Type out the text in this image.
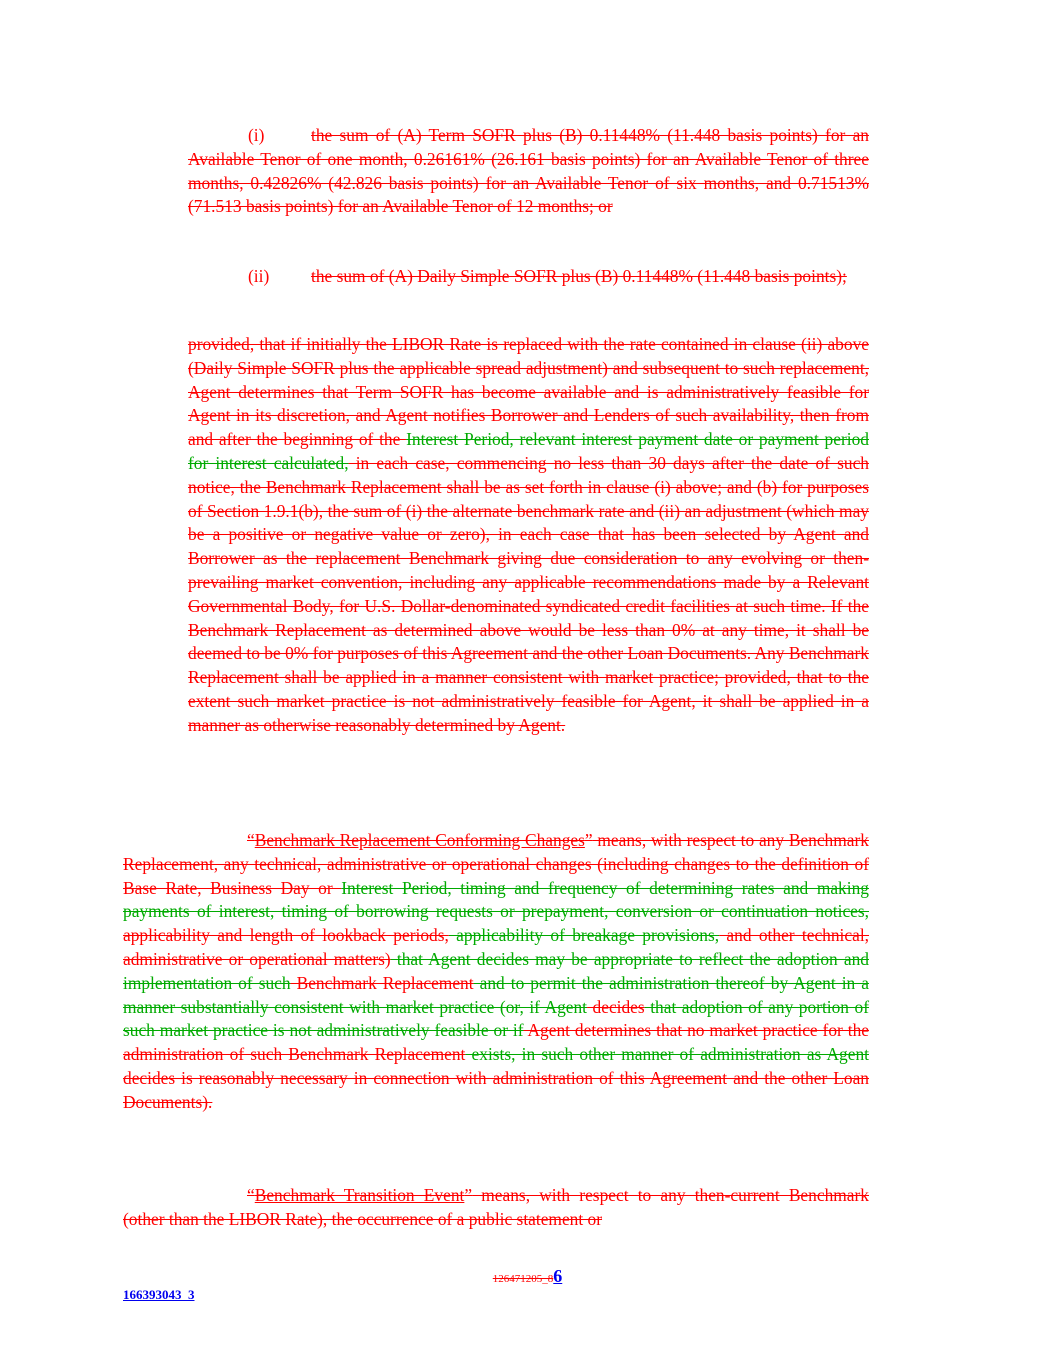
(i)	the sum of (A) Term SOFR plus (B) 0.11448% (11.448 basis points) for an Available Tenor of one month, 0.26161% (26.161 basis points) for an Available Tenor of three months, 0.42826% (42.826 basis points) for an Available Tenor of six months, and 0.71513% (71.513 basis points) for an Available Tenor of 12 months; or
(ii) the sum of (A) Daily Simple SOFR plus (B) 0.11448% (11.448 basis points);
provided, that if initially the LIBOR Rate is replaced with the rate contained in clause (ii) above (Daily Simple SOFR plus the applicable spread adjustment) and subsequent to such replacement, Agent determines that Term SOFR has become available and is administratively feasible for Agent in its discretion, and Agent notifies Borrower and Lenders of such availability, then from and after the beginning of the Interest Period, relevant interest payment date or payment period for interest calculated, in each case, commencing no less than 30 days after the date of such notice, the Benchmark Replacement shall be as set forth in clause (i) above; and (b) for purposes of Section 1.9.1(b), the sum of (i) the alternate benchmark rate and (ii) an adjustment (which may be a positive or negative value or zero), in each case that has been selected by Agent and Borrower as the replacement Benchmark giving due consideration to any evolving or then-prevailing market convention, including any applicable recommendations made by a Relevant Governmental Body, for U.S. Dollar-denominated syndicated credit facilities at such time. If the Benchmark Replacement as determined above would be less than 0% at any time, it shall be deemed to be 0% for purposes of this Agreement and the other Loan Documents. Any Benchmark Replacement shall be applied in a manner consistent with market practice; provided, that to the extent such market practice is not administratively feasible for Agent, it shall be applied in a manner as otherwise reasonably determined by Agent.
“Benchmark Replacement Conforming Changes” means, with respect to any Benchmark Replacement, any technical, administrative or operational changes (including changes to the definition of Base Rate, Business Day or Interest Period, timing and frequency of determining rates and making payments of interest, timing of borrowing requests or prepayment, conversion or continuation notices, applicability and length of lookback periods, applicability of breakage provisions, and other technical, administrative or operational matters) that Agent decides may be appropriate to reflect the adoption and implementation of such Benchmark Replacement and to permit the administration thereof by Agent in a manner substantially consistent with market practice (or, if Agent decides that adoption of any portion of such market practice is not administratively feasible or if Agent determines that no market practice for the administration of such Benchmark Replacement exists, in such other manner of administration as Agent decides is reasonably necessary in connection with administration of this Agreement and the other Loan Documents).
“Benchmark Transition Event” means, with respect to any then-current Benchmark (other than the LIBOR Rate), the occurrence of a public statement or
126471205_86
166393043_3
